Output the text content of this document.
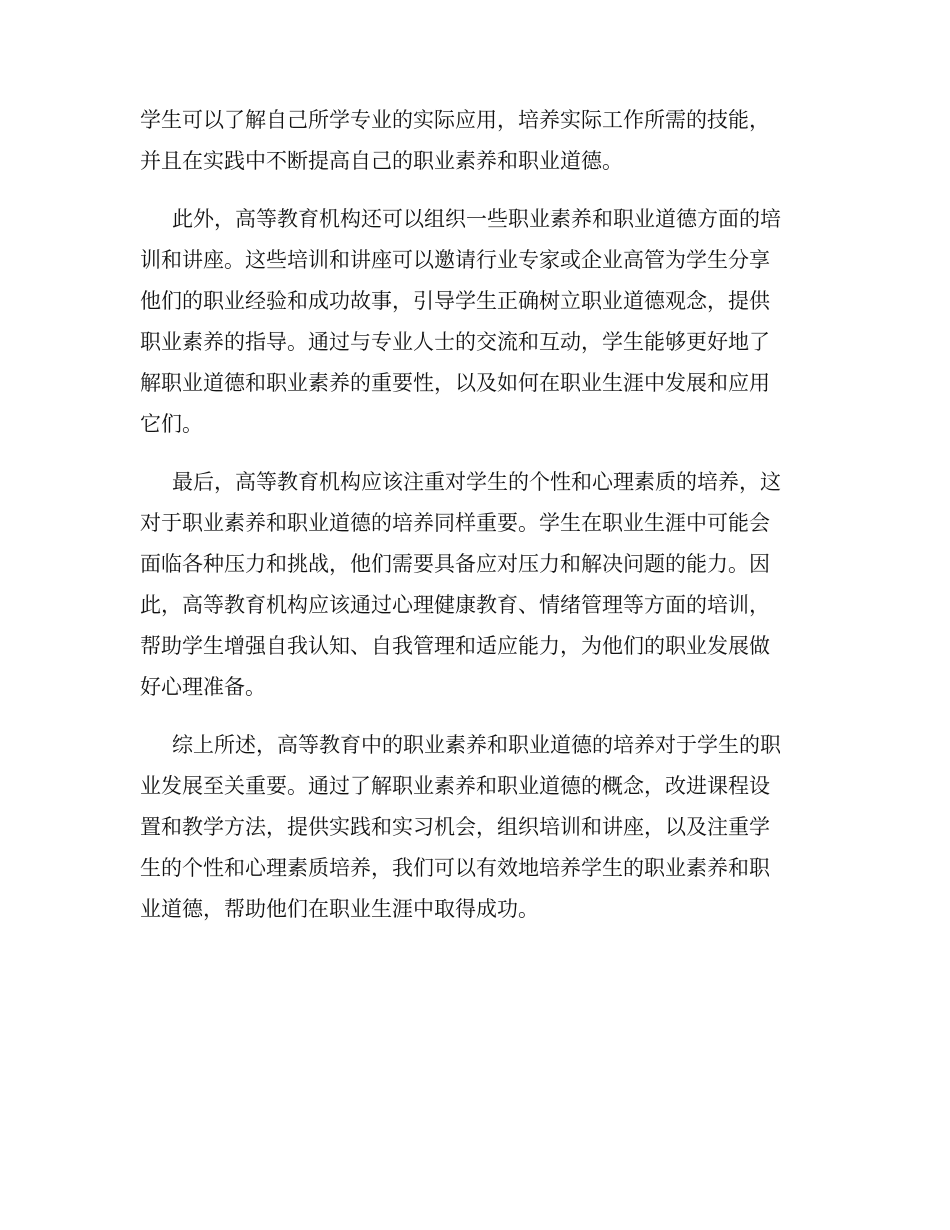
学生可以了解自己所学专业的实际应用，培养实际工作所需的技能，
并且在实践中不断提高自己的职业素养和职业道德。
此外，高等教育机构还可以组织一些职业素养和职业道德方面的培
训和讲座。这些培训和讲座可以邀请行业专家或企业高管为学生分享
他们的职业经验和成功故事，引导学生正确树立职业道德观念，提供
职业素养的指导。通过与专业人士的交流和互动，学生能够更好地了
解职业道德和职业素养的重要性，以及如何在职业生涯中发展和应用
它们。
最后，高等教育机构应该注重对学生的个性和心理素质的培养，这
对于职业素养和职业道德的培养同样重要。学生在职业生涯中可能会
面临各种压力和挑战，他们需要具备应对压力和解决问题的能力。因
此，高等教育机构应该通过心理健康教育、情绪管理等方面的培训，
帮助学生增强自我认知、自我管理和适应能力，为他们的职业发展做
好心理准备。
综上所述，高等教育中的职业素养和职业道德的培养对于学生的职
业发展至关重要。通过了解职业素养和职业道德的概念，改进课程设
置和教学方法，提供实践和实习机会，组织培训和讲座，以及注重学
生的个性和心理素质培养，我们可以有效地培养学生的职业素养和职
业道德，帮助他们在职业生涯中取得成功。
